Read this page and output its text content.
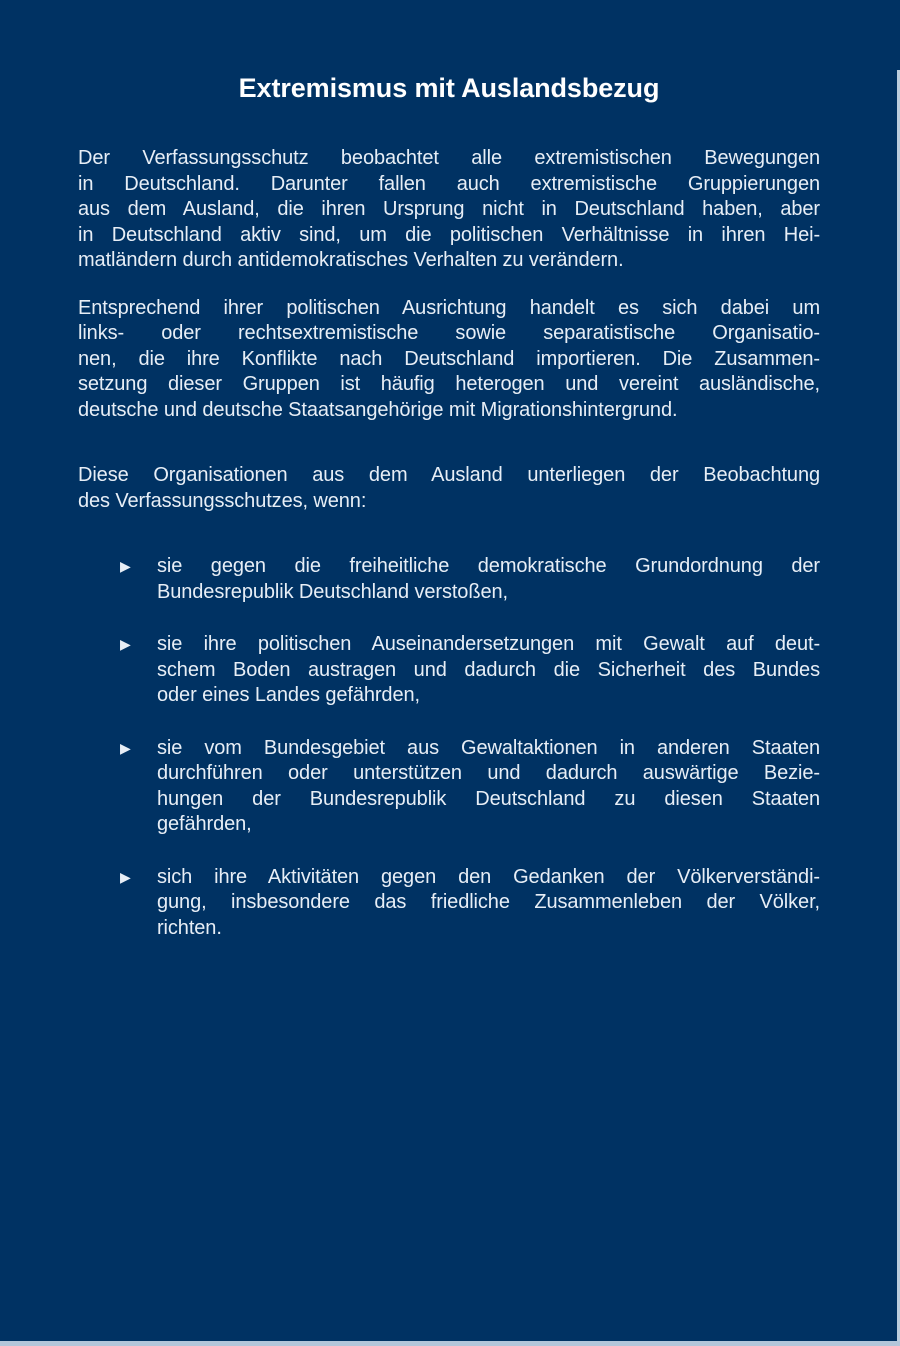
Extremismus mit Auslandsbezug
Der Verfassungsschutz beobachtet alle extremistischen Bewegungen
in Deutschland. Darunter fallen auch extremistische Gruppierungen
aus dem Ausland, die ihren Ursprung nicht in Deutschland haben, aber
in Deutschland aktiv sind, um die politischen Verhältnisse in ihren Hei-
matländern durch antidemokratisches Verhalten zu verändern.
Entsprechend ihrer politischen Ausrichtung handelt es sich dabei um
links- oder rechtsextremistische sowie separatistische Organisatio-
nen, die ihre Konflikte nach Deutschland importieren. Die Zusammen-
setzung dieser Gruppen ist häufig heterogen und vereint ausländische,
deutsche und deutsche Staatsangehörige mit Migrationshintergrund.
Diese Organisationen aus dem Ausland unterliegen der Beobachtung
des Verfassungsschutzes, wenn:
▶	sie gegen die freiheitliche demokratische Grundordnung der
Bundesrepublik Deutschland verstoßen,
▶	sie ihre politischen Auseinandersetzungen mit Gewalt auf deut-
schem Boden austragen und dadurch die Sicherheit des Bundes
oder eines Landes gefährden,
▶	sie vom Bundesgebiet aus Gewaltaktionen in anderen Staaten
durchführen oder unterstützen und dadurch auswärtige Bezie-
hungen der Bundesrepublik Deutschland zu diesen Staaten
gefährden,
▶	sich ihre Aktivitäten gegen den Gedanken der Völkerverständi-
gung, insbesondere das friedliche Zusammenleben der Völker,
richten.
